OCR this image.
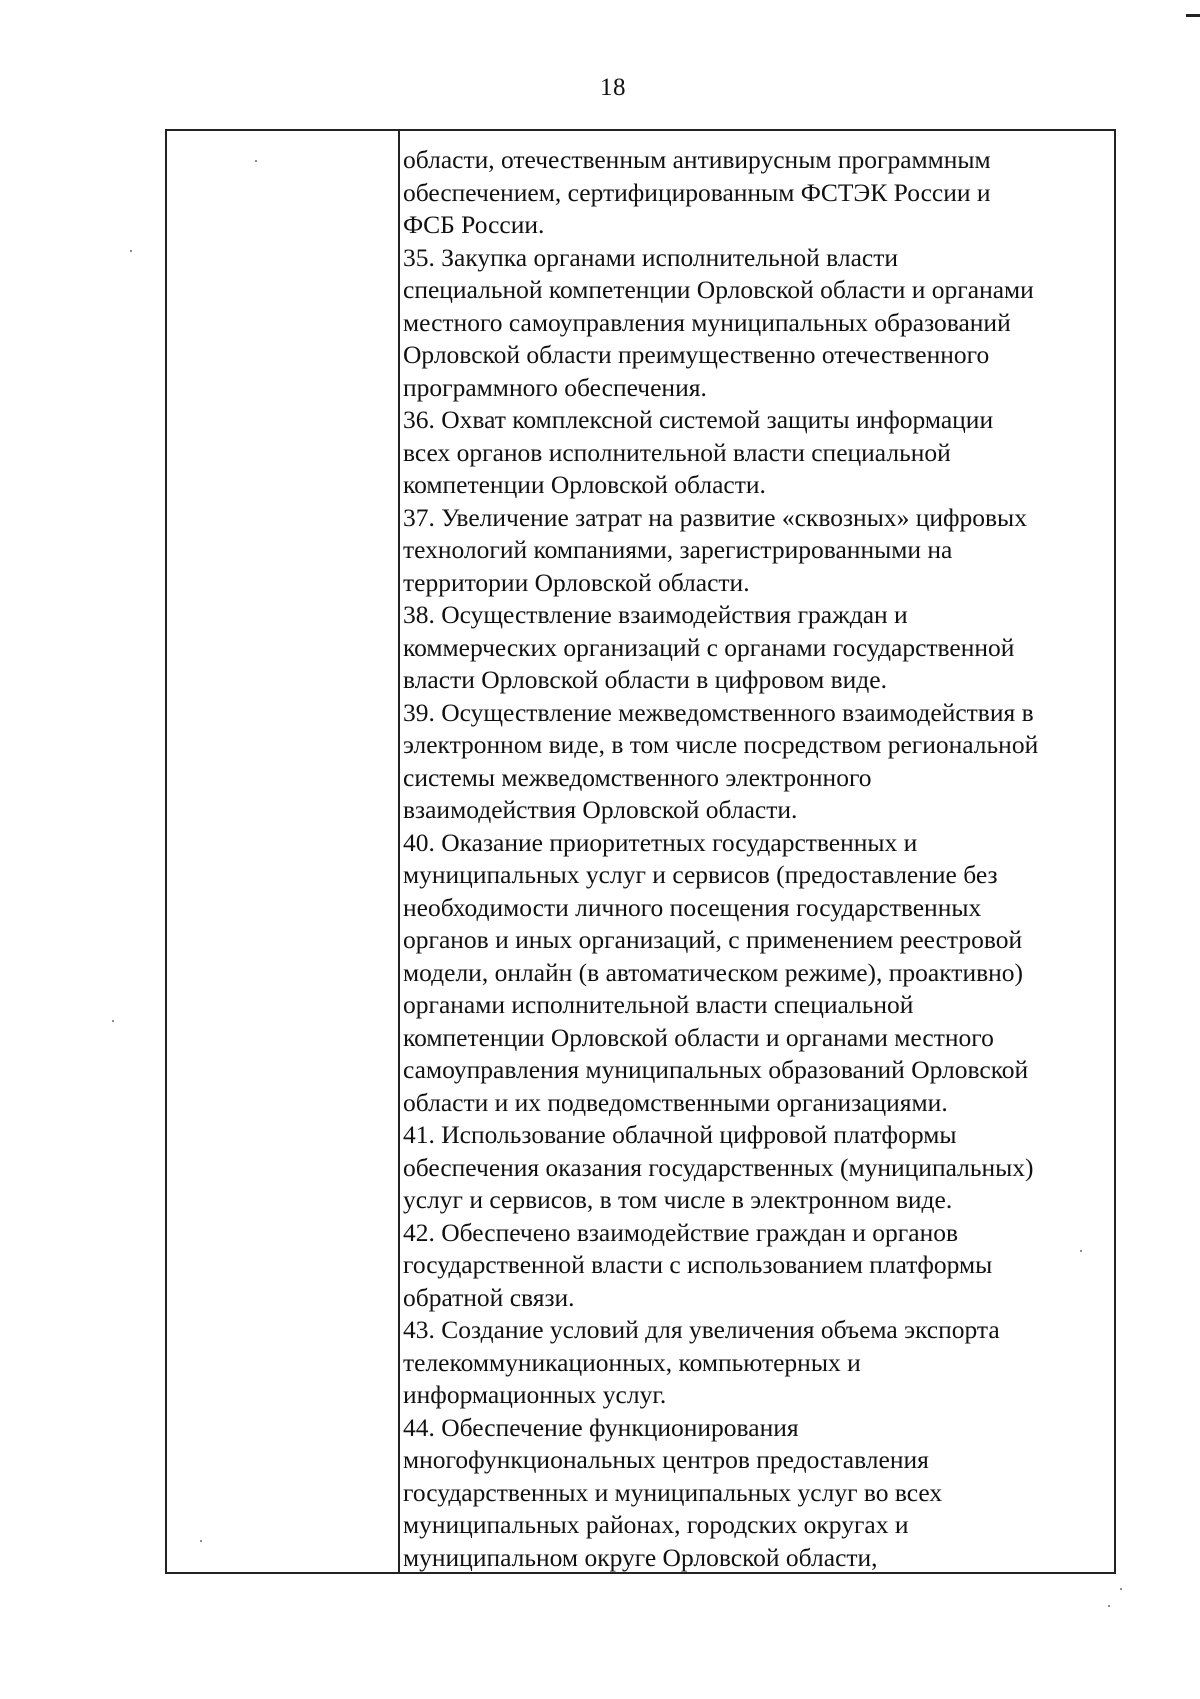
18
области, отечественным антивирусным программным
обеспечением, сертифицированным ФСТЭК России и
ФСБ России.
35. Закупка органами исполнительной власти
специальной компетенции Орловской области и органами
местного самоуправления муниципальных образований
Орловской области преимущественно отечественного
программного обеспечения.
36. Охват комплексной системой защиты информации
всех органов исполнительной власти специальной
компетенции Орловской области.
37. Увеличение затрат на развитие «сквозных» цифровых
технологий компаниями, зарегистрированными на
территории Орловской области.
38. Осуществление взаимодействия граждан и
коммерческих организаций с органами государственной
власти Орловской области в цифровом виде.
39. Осуществление межведомственного взаимодействия в
электронном виде, в том числе посредством региональной
системы межведомственного электронного
взаимодействия Орловской области.
40. Оказание приоритетных государственных и
муниципальных услуг и сервисов (предоставление без
необходимости личного посещения государственных
органов и иных организаций, с применением реестровой
модели, онлайн (в автоматическом режиме), проактивно)
органами исполнительной власти специальной
компетенции Орловской области и органами местного
самоуправления муниципальных образований Орловской
области и их подведомственными организациями.
41. Использование облачной цифровой платформы
обеспечения оказания государственных (муниципальных)
услуг и сервисов, в том числе в электронном виде.
42. Обеспечено взаимодействие граждан и органов
государственной власти с использованием платформы
обратной связи.
43. Создание условий для увеличения объема экспорта
телекоммуникационных, компьютерных и
информационных услуг.
44. Обеспечение функционирования
многофункциональных центров предоставления
государственных и муниципальных услуг во всех
муниципальных районах, городских округах и
муниципальном округе Орловской области,
